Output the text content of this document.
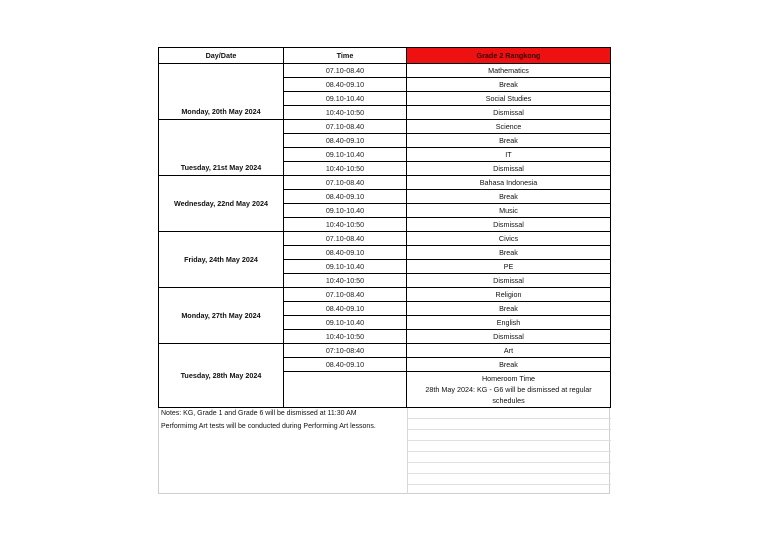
Day/Date	Time	Grade 2 Rangkong
Monday, 20th May 2024	07.10-08.40	Mathematics
	08.40-09.10	Break
	09.10-10.40	Social Studies
	10:40-10:50	Dismissal
Tuesday, 21st May 2024	07.10-08.40	Science
	08.40-09.10	Break
	09.10-10.40	IT
	10:40-10:50	Dismissal
Wednesday, 22nd May 2024	07.10-08.40	Bahasa Indonesia
	08.40-09.10	Break
	09.10-10.40	Music
	10:40-10:50	Dismissal
Friday, 24th May 2024	07.10-08.40	Civics
	08.40-09.10	Break
	09.10-10.40	PE
	10:40-10:50	Dismissal
Monday, 27th May 2024	07.10-08.40	Religion
	08.40-09.10	Break
	09.10-10.40	English
	10:40-10:50	Dismissal
Tuesday, 28th May 2024	07:10-08:40	Art
	08.40-09.10	Break

		Homeroom Time
28th May 2024: KG - G6 will be dismissed at regular schedules
Notes: KG, Grade 1 and Grade 6 will be dismissed at 11:30 AM
Performimg Art tests will be conducted during Performing Art lessons.
